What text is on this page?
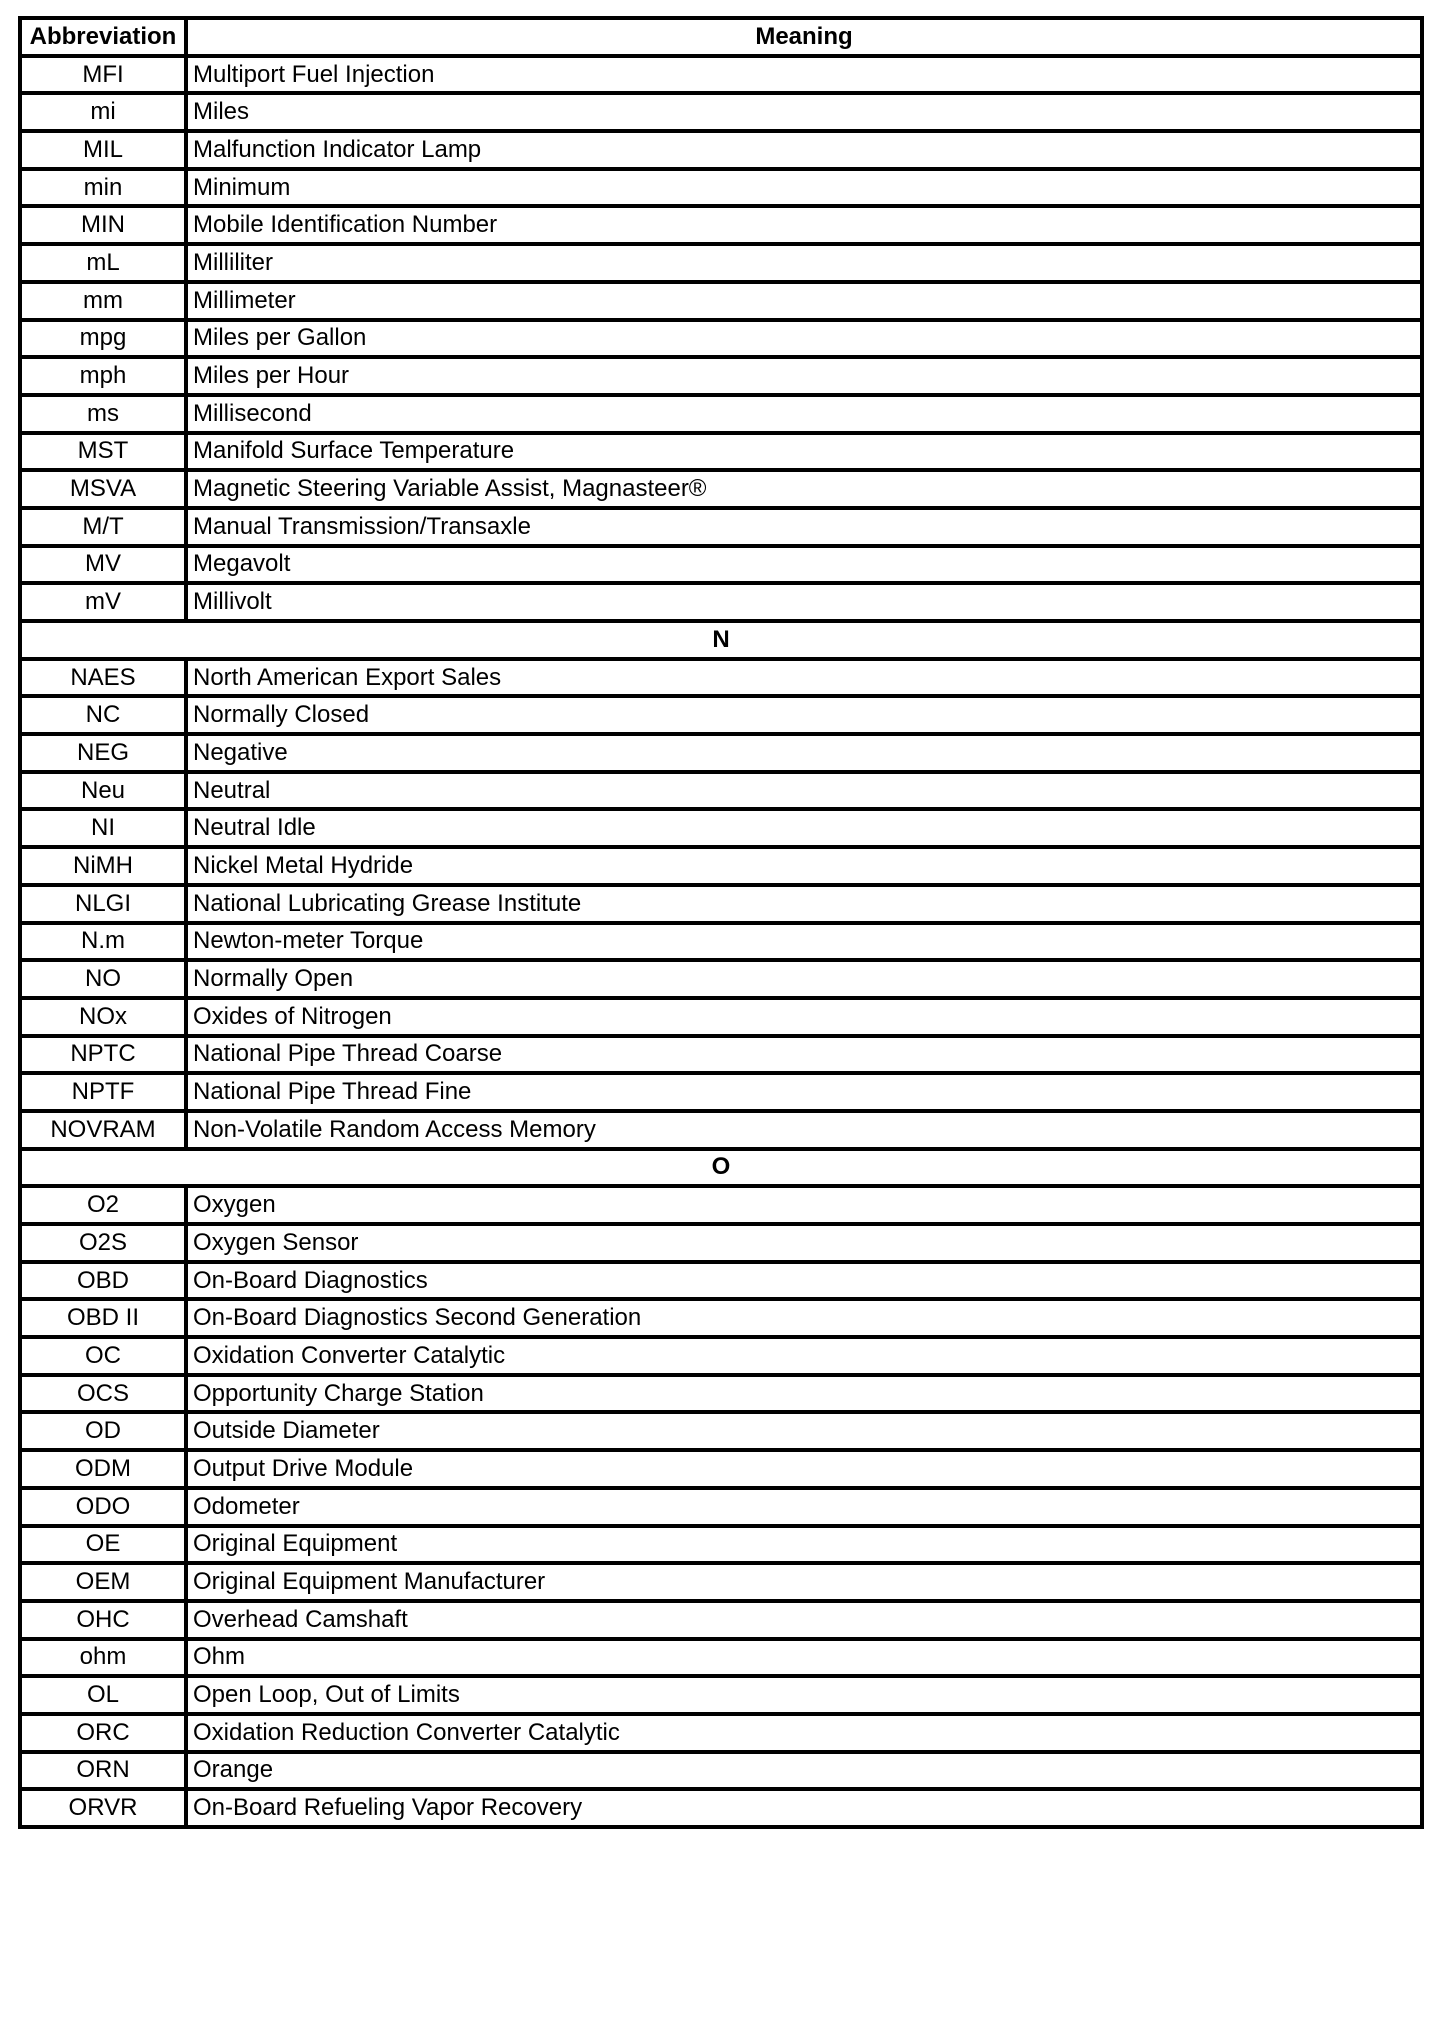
Abbreviation	Meaning
MFI	Multiport Fuel Injection
mi	Miles
MIL	Malfunction Indicator Lamp
min	Minimum
MIN	Mobile Identification Number
mL	Milliliter
mm	Millimeter
mpg	Miles per Gallon
mph	Miles per Hour
ms	Millisecond
MST	Manifold Surface Temperature
MSVA	Magnetic Steering Variable Assist, Magnasteer®
M/T	Manual Transmission/Transaxle
MV	Megavolt
mV	Millivolt
N	
NAES	North American Export Sales
NC	Normally Closed
NEG	Negative
Neu	Neutral
NI	Neutral Idle
NiMH	Nickel Metal Hydride
NLGI	National Lubricating Grease Institute
N.m	Newton-meter Torque
NO	Normally Open
NOx	Oxides of Nitrogen
NPTC	National Pipe Thread Coarse
NPTF	National Pipe Thread Fine
NOVRAM	Non-Volatile Random Access Memory
O	
O2	Oxygen
O2S	Oxygen Sensor
OBD	On-Board Diagnostics
OBD II	On-Board Diagnostics Second Generation
OC	Oxidation Converter Catalytic
OCS	Opportunity Charge Station
OD	Outside Diameter
ODM	Output Drive Module
ODO	Odometer
OE	Original Equipment
OEM	Original Equipment Manufacturer
OHC	Overhead Camshaft
ohm	Ohm
OL	Open Loop, Out of Limits
ORC	Oxidation Reduction Converter Catalytic
ORN	Orange
ORVR	On-Board Refueling Vapor Recovery
